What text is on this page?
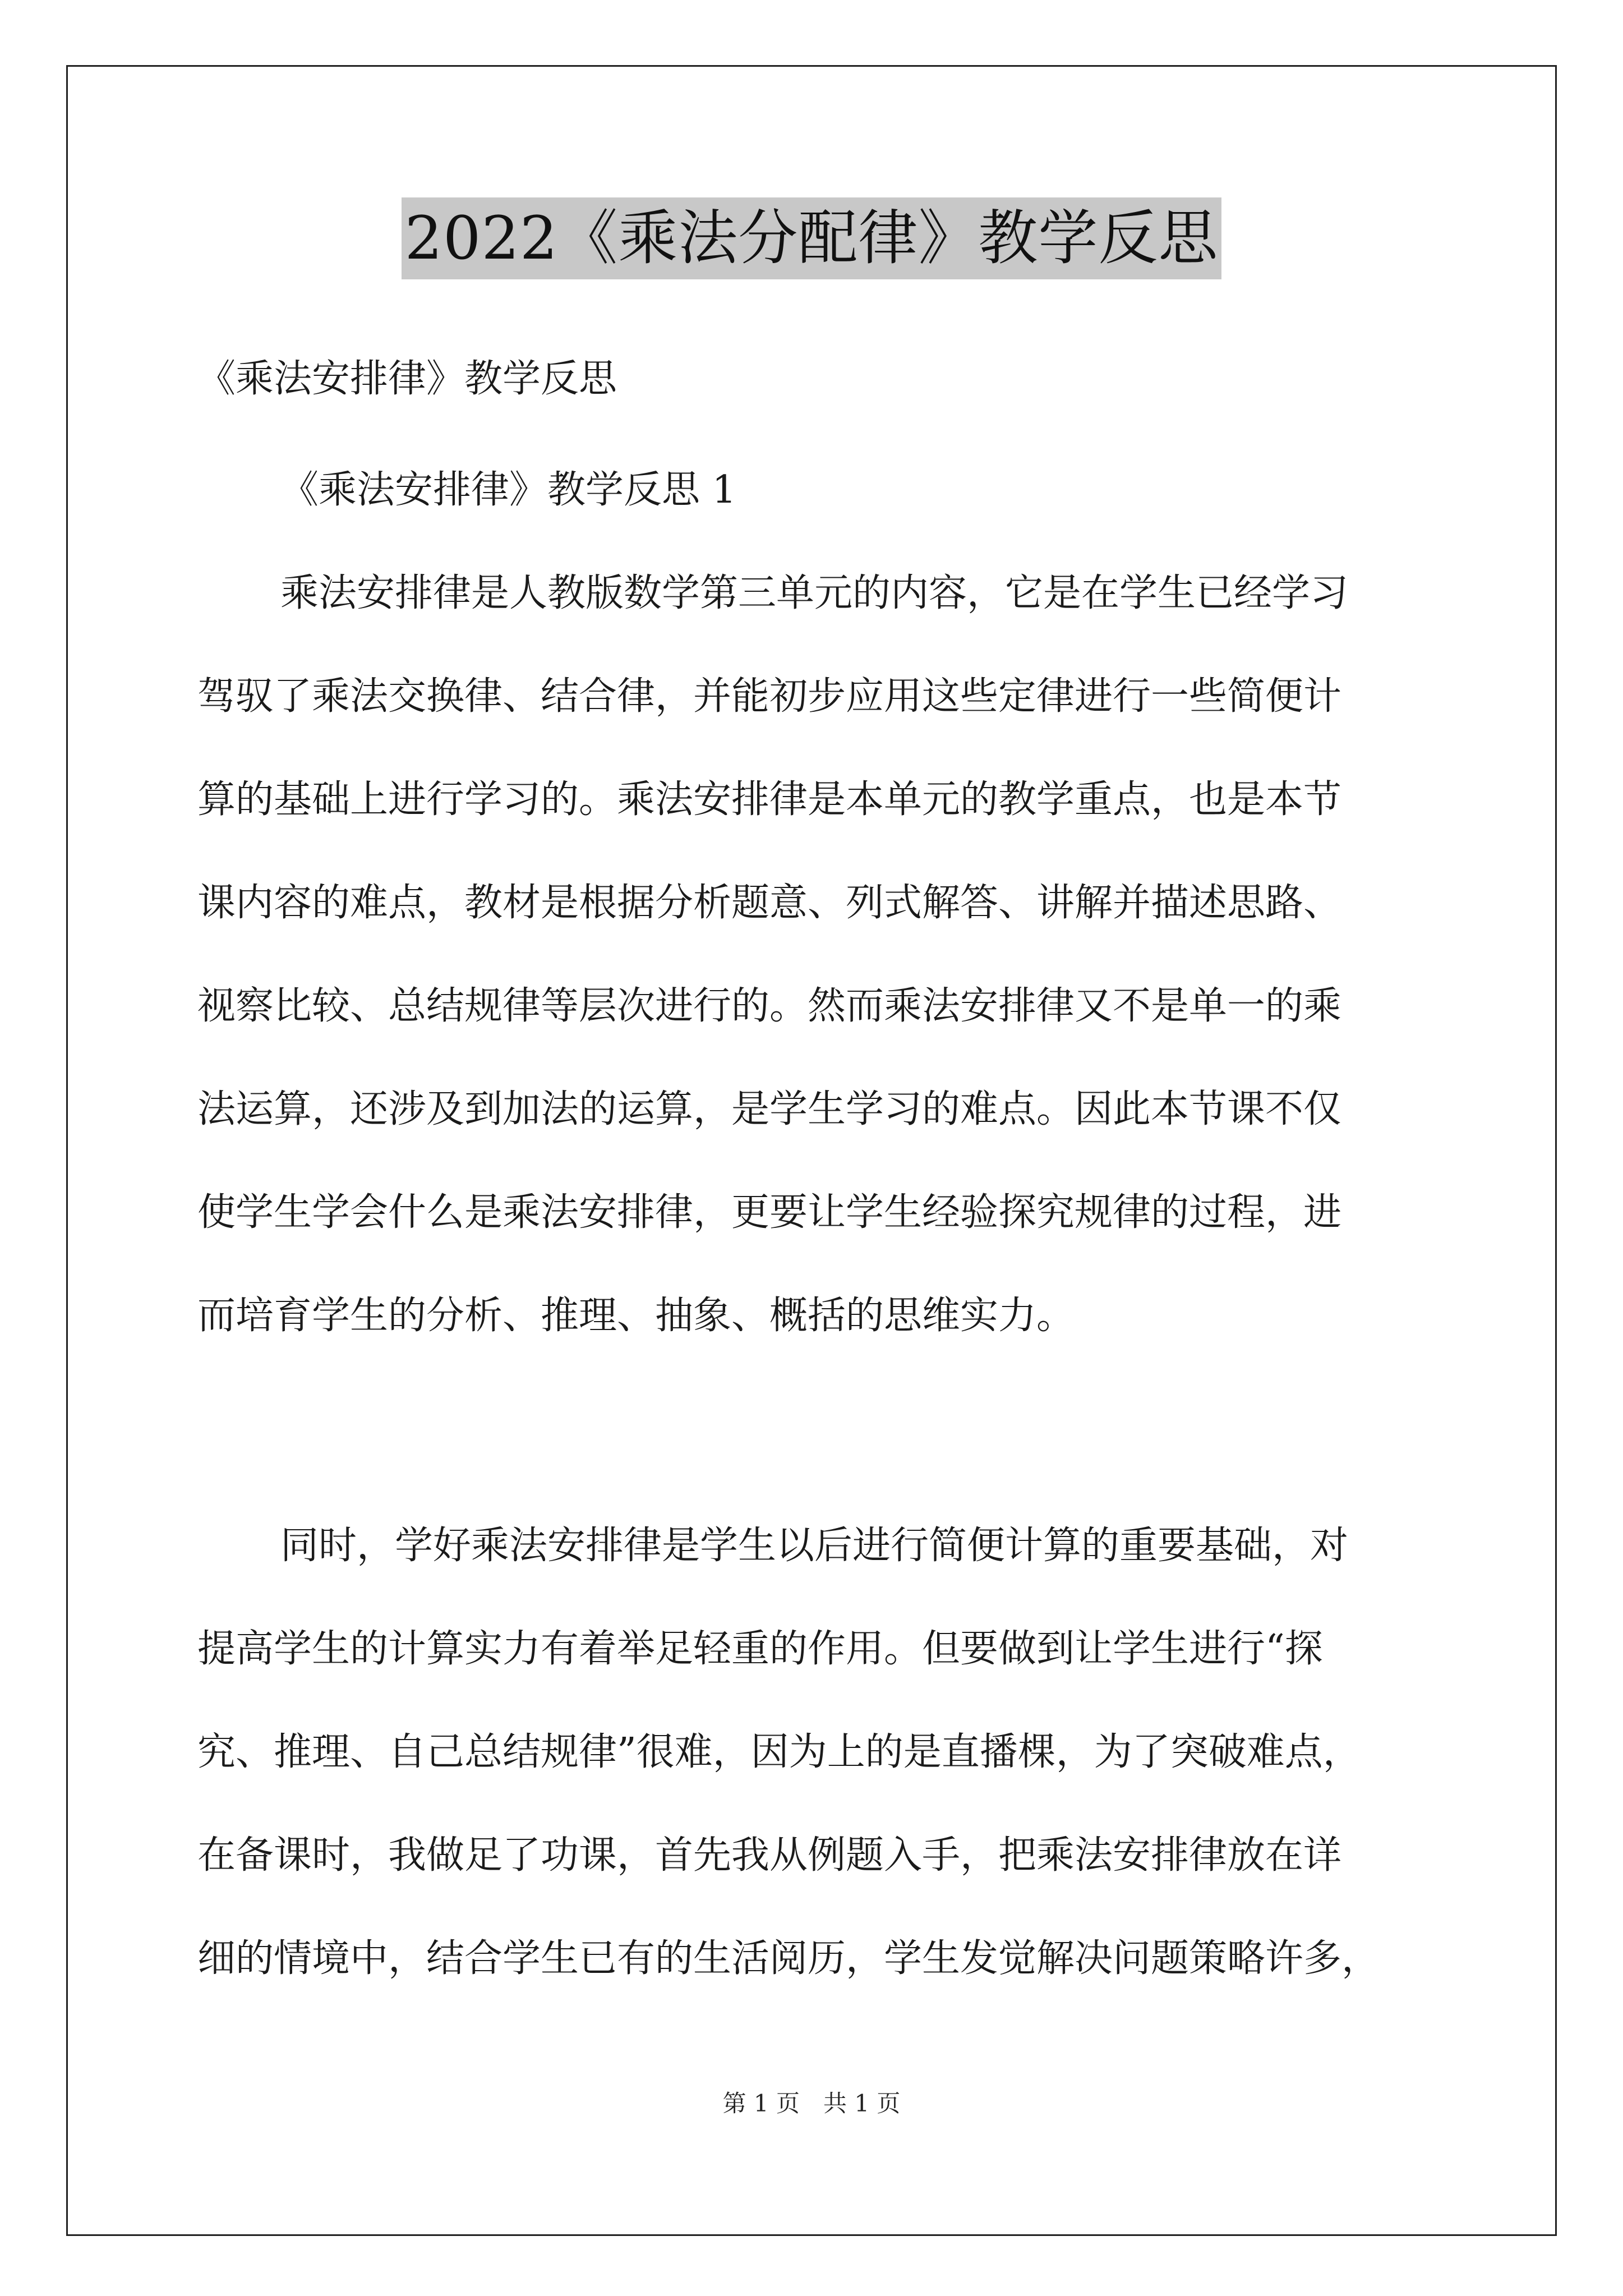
2022《乘法分配律》教学反思

《乘法安排律》教学反思

《乘法安排律》教学反思 1

乘法安排律是人教版数学第三单元的内容，它是在学生已经学习

驾驭了乘法交换律、结合律，并能初步应用这些定律进行一些简便计

算的基础上进行学习的。乘法安排律是本单元的教学重点，也是本节

课内容的难点，教材是根据分析题意、列式解答、讲解并描述思路、

视察比较、总结规律等层次进行的。然而乘法安排律又不是单一的乘

法运算，还涉及到加法的运算，是学生学习的难点。因此本节课不仅

使学生学会什么是乘法安排律，更要让学生经验探究规律的过程，进

而培育学生的分析、推理、抽象、概括的思维实力。

同时，学好乘法安排律是学生以后进行简便计算的重要基础，对

提高学生的计算实力有着举足轻重的作用。但要做到让学生进行“探

究、推理、自己总结规律”很难，因为上的是直播棵，为了突破难点，

在备课时，我做足了功课，首先我从例题入手，把乘法安排律放在详

细的情境中，结合学生已有的生活阅历，学生发觉解决问题策略许多，

第 1 页　共 1 页
